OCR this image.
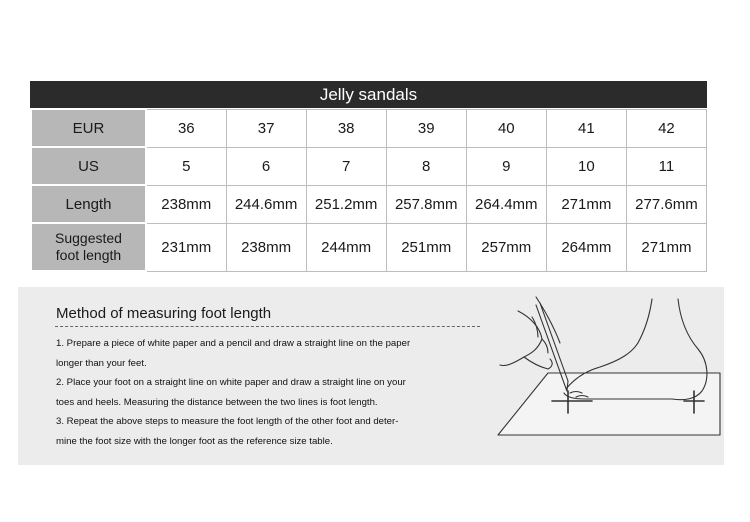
Jelly sandals
EUR	36	37	38	39	40	41	42
US	5	6	7	8	9	10	11
Length	238mm	244.6mm	251.2mm	257.8mm	264.4mm	271mm	277.6mm

Suggested
foot length	231mm	238mm	244mm	251mm	257mm	264mm	271mm
Method of measuring foot length

1. Prepare a piece of white paper and a pencil and draw a straight line on the paper

longer than your feet.

2. Place your foot on a straight line on white paper and draw a straight line on your

toes and heels. Measuring the distance between the two lines is foot length.

3. Repeat the above steps to measure the foot length of the other foot and deter-

mine the foot size with the longer foot as the reference size table.
